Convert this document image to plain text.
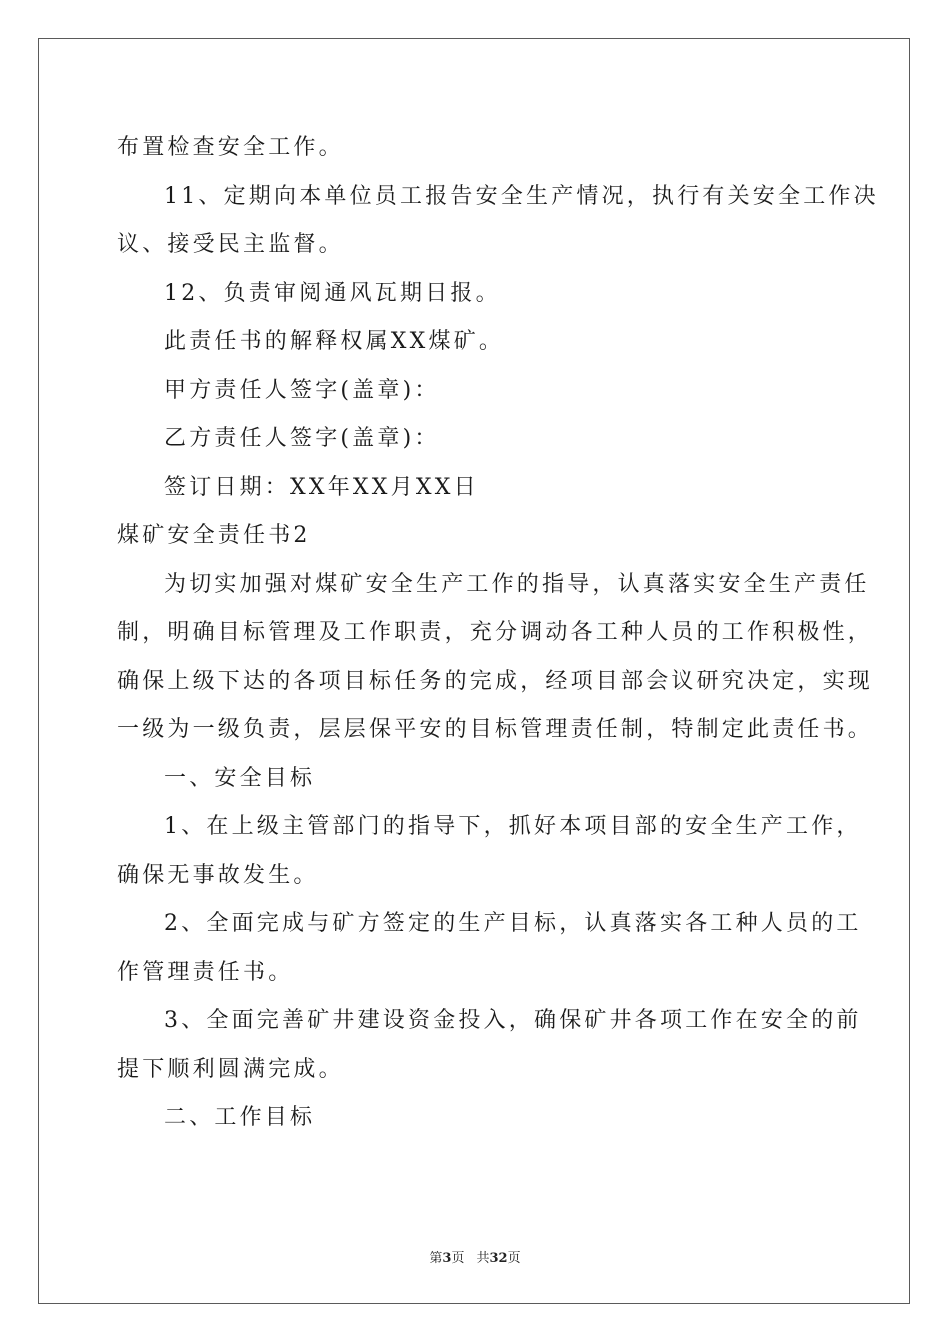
布置检查安全工作。
11、定期向本单位员工报告安全生产情况，执行有关安全工作决
议、接受民主监督。
12、负责审阅通风瓦期日报。
此责任书的解释权属XX煤矿。
甲方责任人签字(盖章)：
乙方责任人签字(盖章)：
签订日期：XX年XX月XX日
煤矿安全责任书2
为切实加强对煤矿安全生产工作的指导，认真落实安全生产责任
制，明确目标管理及工作职责，充分调动各工种人员的工作积极性，
确保上级下达的各项目标任务的完成，经项目部会议研究决定，实现
一级为一级负责，层层保平安的目标管理责任制，特制定此责任书。
一、安全目标
1、在上级主管部门的指导下，抓好本项目部的安全生产工作，
确保无事故发生。
2、全面完成与矿方签定的生产目标，认真落实各工种人员的工
作管理责任书。
3、全面完善矿井建设资金投入，确保矿井各项工作在安全的前
提下顺利圆满完成。
二、工作目标
第3页 共32页
